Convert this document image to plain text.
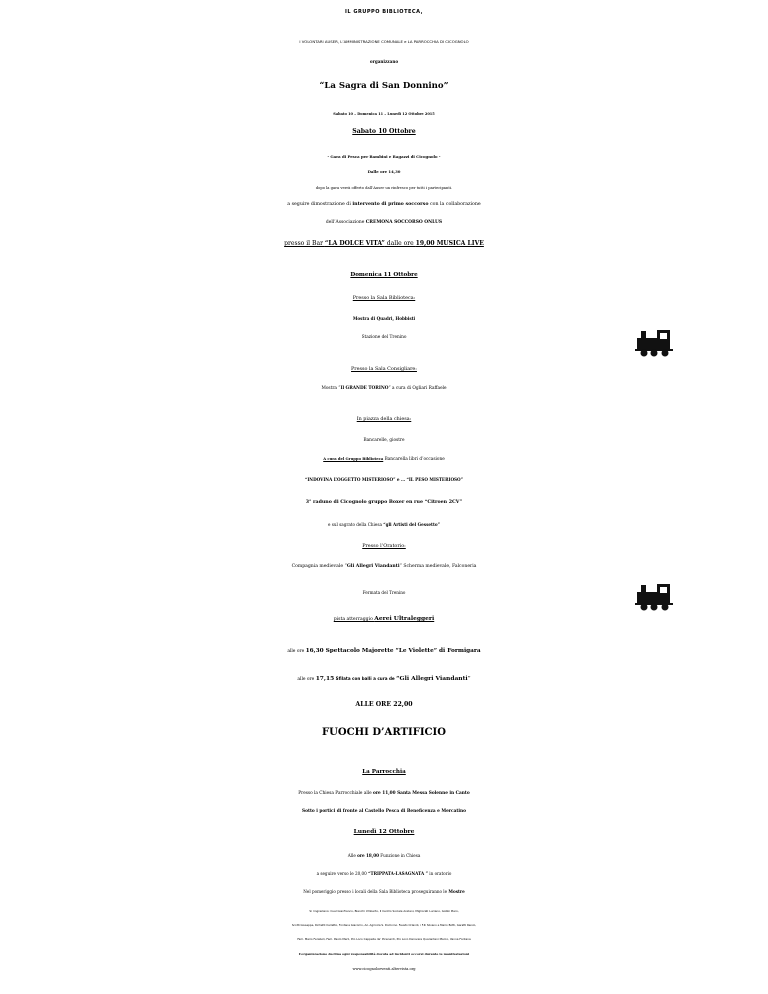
IL GRUPPO BIBLIOTECA,
I VOLONTARI AUSER, L’AMMINISTRAZIONE COMUNALE e LA PARROCCHIA DI CICOGNOLO
organizzano
“La Sagra di San Donnino”
Sabato 10 – Domenica 11 – Lunedì 12 Ottobre 2015
Sabato 10 Ottobre
- Gara di Pesca per Bambini e Ragazzi di Cicognolo -
Dalle ore 14,30
dopo la gara verrà offerto dall’Auser un rinfresco per tutti i partecipanti.
a seguire dimostrazione di intervento di primo soccorso con la collaborazione
dell’Associazione CREMONA SOCCORSO ONLUS
presso il Bar “LA DOLCE VITA” dalle ore 19,00 MUSICA LIVE
Domenica 11 Ottobre
Presso la Sala Biblioteca:
Mostra di Quadri, Hobbisti
Stazione del Trenino
Presso la Sala Consigliare:
Mostra “Il GRANDE TORINO” a cura di Ogliari Raffaele
In piazza della chiesa:
Bancarelle, giostre
A cura del Gruppo Biblioteca Bancarella libri d’occasione
“INDOVINA L’OGGETTO MISTERIOSO” e … “IL PESO MISTERIOSO”
3° raduno di Cicognolo gruppo Boxer en rue “Citroen 2CV”
e sul sagrato della Chiesa “gli Artisti del Gessetto”
Presso l’Oratorio:
Compagnia medievale “Gli Allegri Viandanti” Scherma medievale, Falconeria
Fermata del Trenino
pista atterraggio Aerei Ultraleggeri
alle ore 16,30 Spettacolo Majorette “Le Violette” di Formigara
alle ore 17,15 Sfilata con balli a cura de “Gli Allegri Viandanti”
ALLE ORE 22,00
FUOCHI D’ARTIFICIO
La Parrocchia
Presso la Chiesa Parrocchiale alle ore 11,00 Santa Messa Solenne in Canto
Sotto i portici di fronte al Castello Pesca di Beneficenza e Mercatino
Lunedì 12 Ottobre
Alle ore 18,00 Funzione in Chiesa
a seguire verso le 20,00 “TRIPPATA-LASAGNATA ” in oratorio
Nel pomeriggio presso i locali della Sala Biblioteca proseguiranno le Mostre
Si ringraziano: Cuel Gianfranco, Bianchi Umberto, Il Centro Sociale Anziani, Migliorati Luciano, Gobbi Piero,
Scotti Giuseppe, Richetti Carletto, Fontana Giacomo, Az. Agricola S. Domnino. Fausto Orlandi, i F.lli Silvano e Mario Botti, Garatti Renzo,
Fam. Mario Feraboli, Fam. Paolo Merli, Pro Loco Cappella de’ Picenardi, Pro Loco Derovere Quarantani Marco, Vanna Fontana
L’organizzazione declina ogni responsabilità dovuta ad incidenti occorsi durante le manifestazioni
www.cicognoloeventi.altervista.org
